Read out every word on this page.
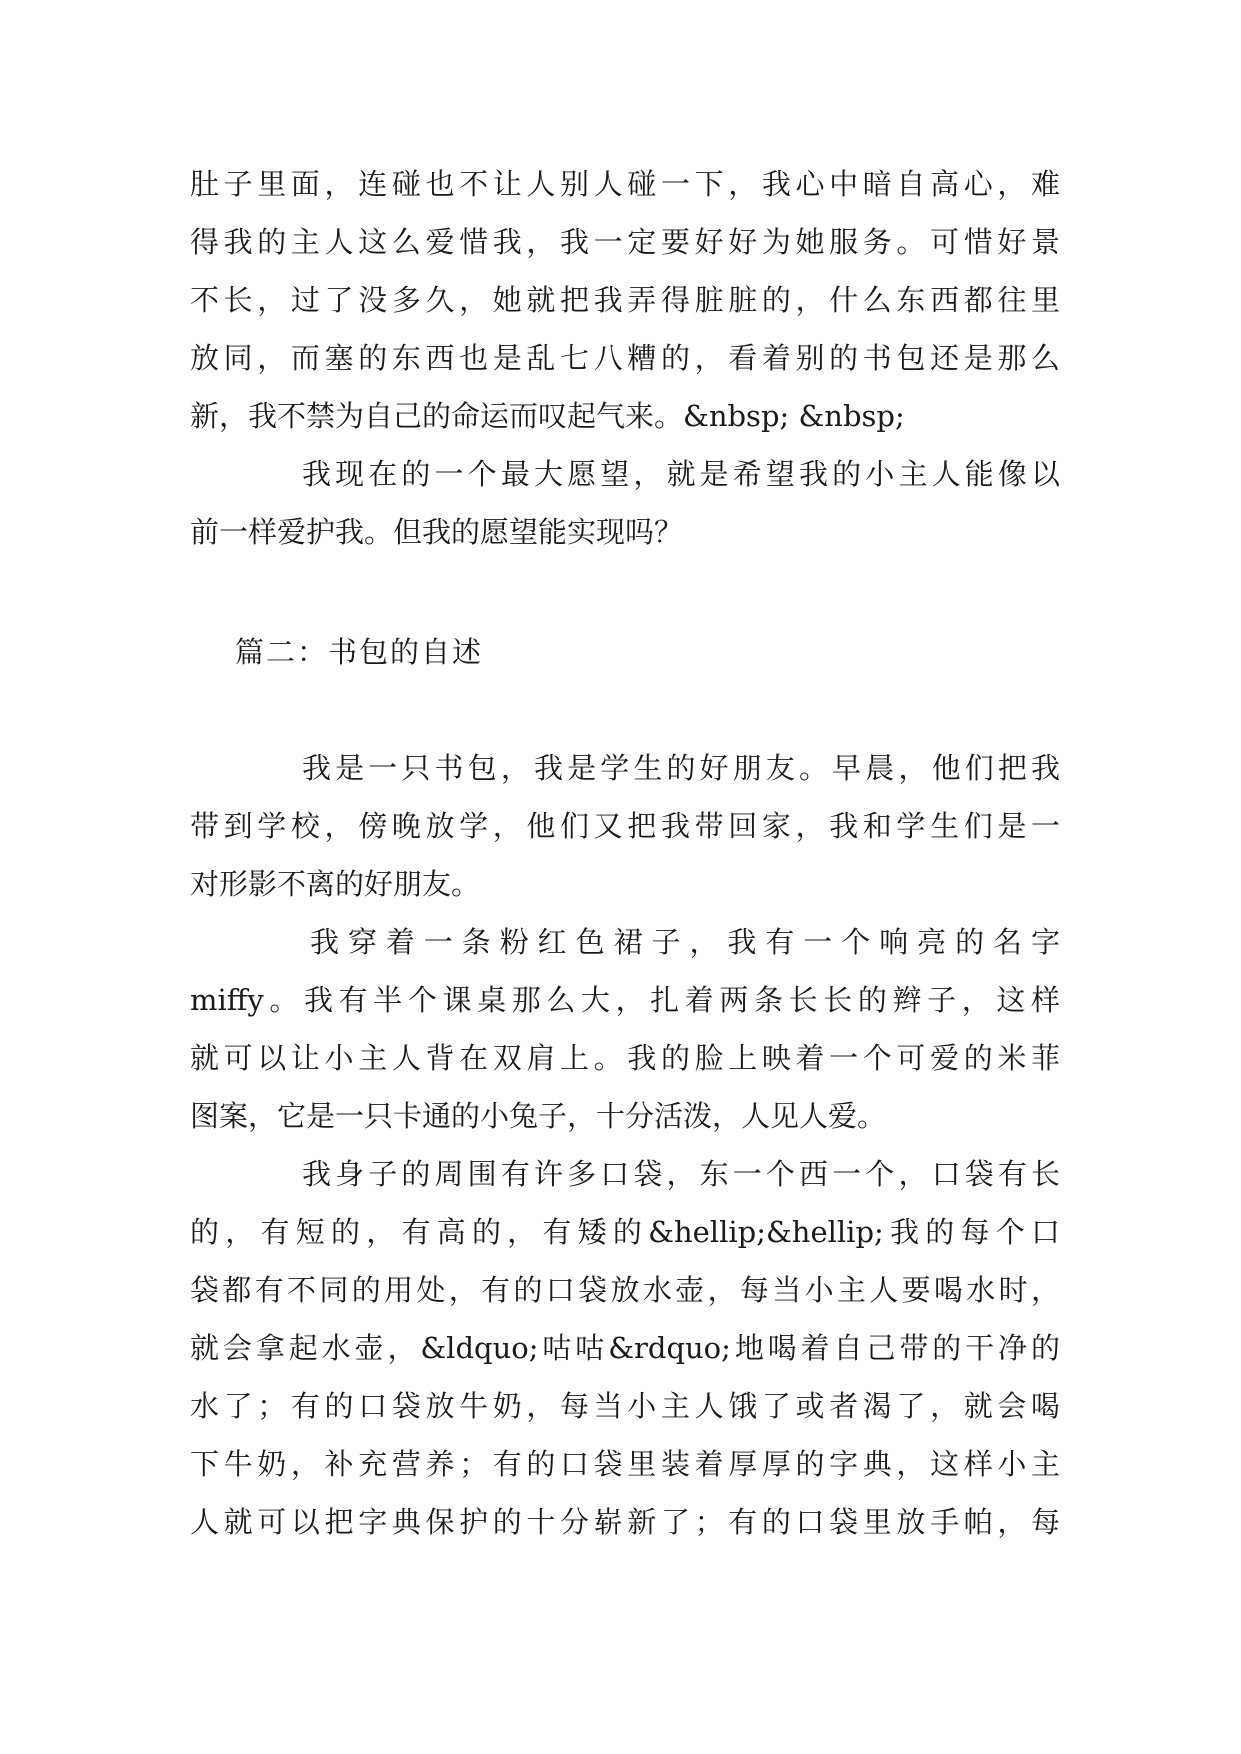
肚子里面，连碰也不让人别人碰一下，我心中暗自高心，难
得我的主人这么爱惜我，我一定要好好为她服务。可惜好景
不长，过了没多久，她就把我弄得脏脏的，什么东西都往里
放同，而塞的东西也是乱七八糟的，看着别的书包还是那么
新，我不禁为自己的命运而叹起气来。&nbsp; &nbsp;
我现在的一个最大愿望，就是希望我的小主人能像以
前一样爱护我。但我的愿望能实现吗？
篇二：书包的自述
我是一只书包，我是学生的好朋友。早晨，他们把我
带到学校，傍晚放学，他们又把我带回家，我和学生们是一
对形影不离的好朋友。
我穿着一条粉红色裙子，我有一个响亮的名字
miffy。我有半个课桌那么大，扎着两条长长的辫子，这样
就可以让小主人背在双肩上。我的脸上映着一个可爱的米菲
图案，它是一只卡通的小兔子，十分活泼，人见人爱。
我身子的周围有许多口袋，东一个西一个，口袋有长
的，有短的，有高的，有矮的&hellip;&hellip;我的每个口
袋都有不同的用处，有的口袋放水壶，每当小主人要喝水时，
就会拿起水壶，&ldquo;咕咕&rdquo;地喝着自己带的干净的
水了；有的口袋放牛奶，每当小主人饿了或者渴了，就会喝
下牛奶，补充营养；有的口袋里装着厚厚的字典，这样小主
人就可以把字典保护的十分崭新了；有的口袋里放手帕，每
